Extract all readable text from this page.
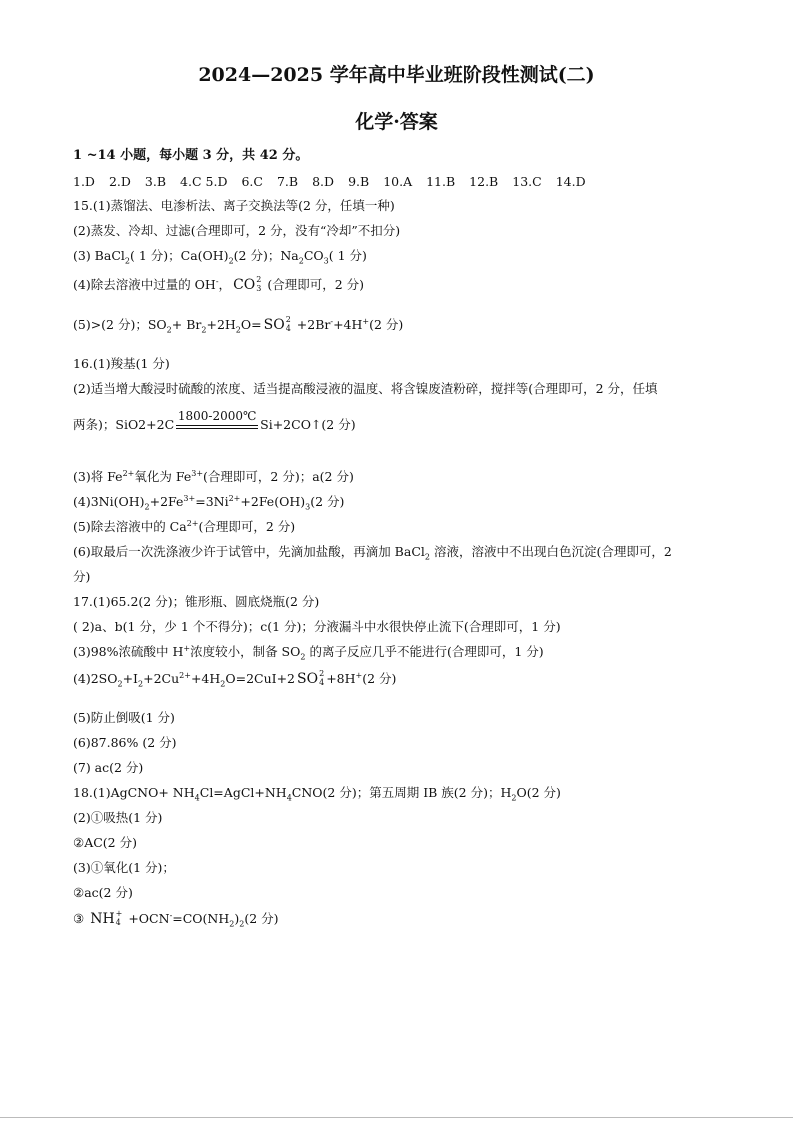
2024—2025 学年高中毕业班阶段性测试(二)
化学·答案
1 ~14 小题，每小题 3 分，共 42 分。
1.D 2.D 3.B 4.C 5.D 6.C 7.B 8.D 9.B 10.A 11.B 12.B 13.C 14.D
15.(1)蒸馏法、电渗析法、离子交换法等(2 分，任填一种)
(2)蒸发、冷却、过滤(合理即可，2 分，没有“冷却”不扣分)
(3) BaCl$_2$( 1 分)；$Ca(OH)_2(2$ 分)；$Na_2CO_3$( 1 分)
(4)除去溶液中过量的 OH-， CO 2
3 (合理即可，2 分)
(5)>(2 分)；$SO_2+ Br_2+2H_2O=$ SO 2
4 +2Br-+4H+(2 分)
16.(1)羧基(1 分)
(2)适当增大酸浸时硫酸的浓度、适当提高酸浸液的温度、将含镍废渣粉碎，搅拌等(合理即可，2 分，任填
两条)；SiO2+2C
1800-2000℃
Si+2CO↑(2 分)
(3)将 $Fe^{2+}$氧化为 $Fe^{3+}$(合理即可，2 分)；a(2 分)
$(4)3Ni(OH)_2+2Fe^{3+}=3Ni^{2+}+2Fe(OH)_3(2$ 分)
(5)除去溶液中的 $Ca^{2+}$(合理即可，2 分)
(6)取最后一次洗涤液少许于试管中，先滴加盐酸，再滴加 BaCl$_2$ 溶液，溶液中不出现白色沉淀(合理即可，2
分)
17.(1)65.2(2 分)；锥形瓶、圆底烧瓶(2 分)
( 2)a、b(1 分，少 1 个不得分)；c(1 分)；分液漏斗中水很快停止流下(合理即可，1 分)
(3)98%浓硫酸中 H+浓度较小，制备 $SO_2$ 的离子反应几乎不能进行(合理即可，1 分)
$(4)2SO_2+I_2+2Cu^{2+}+4H_2O=2CuI+2$ SO 2
4 +8H+(2 分)
(5)防止倒吸(1 分)
(6)87.86% (2 分)
(7) ac(2 分)
18.(1)AgCNO+ $NH_4Cl=AgCl+NH_4CNO(2$ 分)；第五周期 IB 族(2 分)；$H_2O(2$ 分)
(2)①吸热(1 分)
②AC(2 分)
(3)①氧化(1 分)；
②ac(2 分)
③ NH +
$4 +OCN^-=CO(NH_2)_2(2$ 分)
